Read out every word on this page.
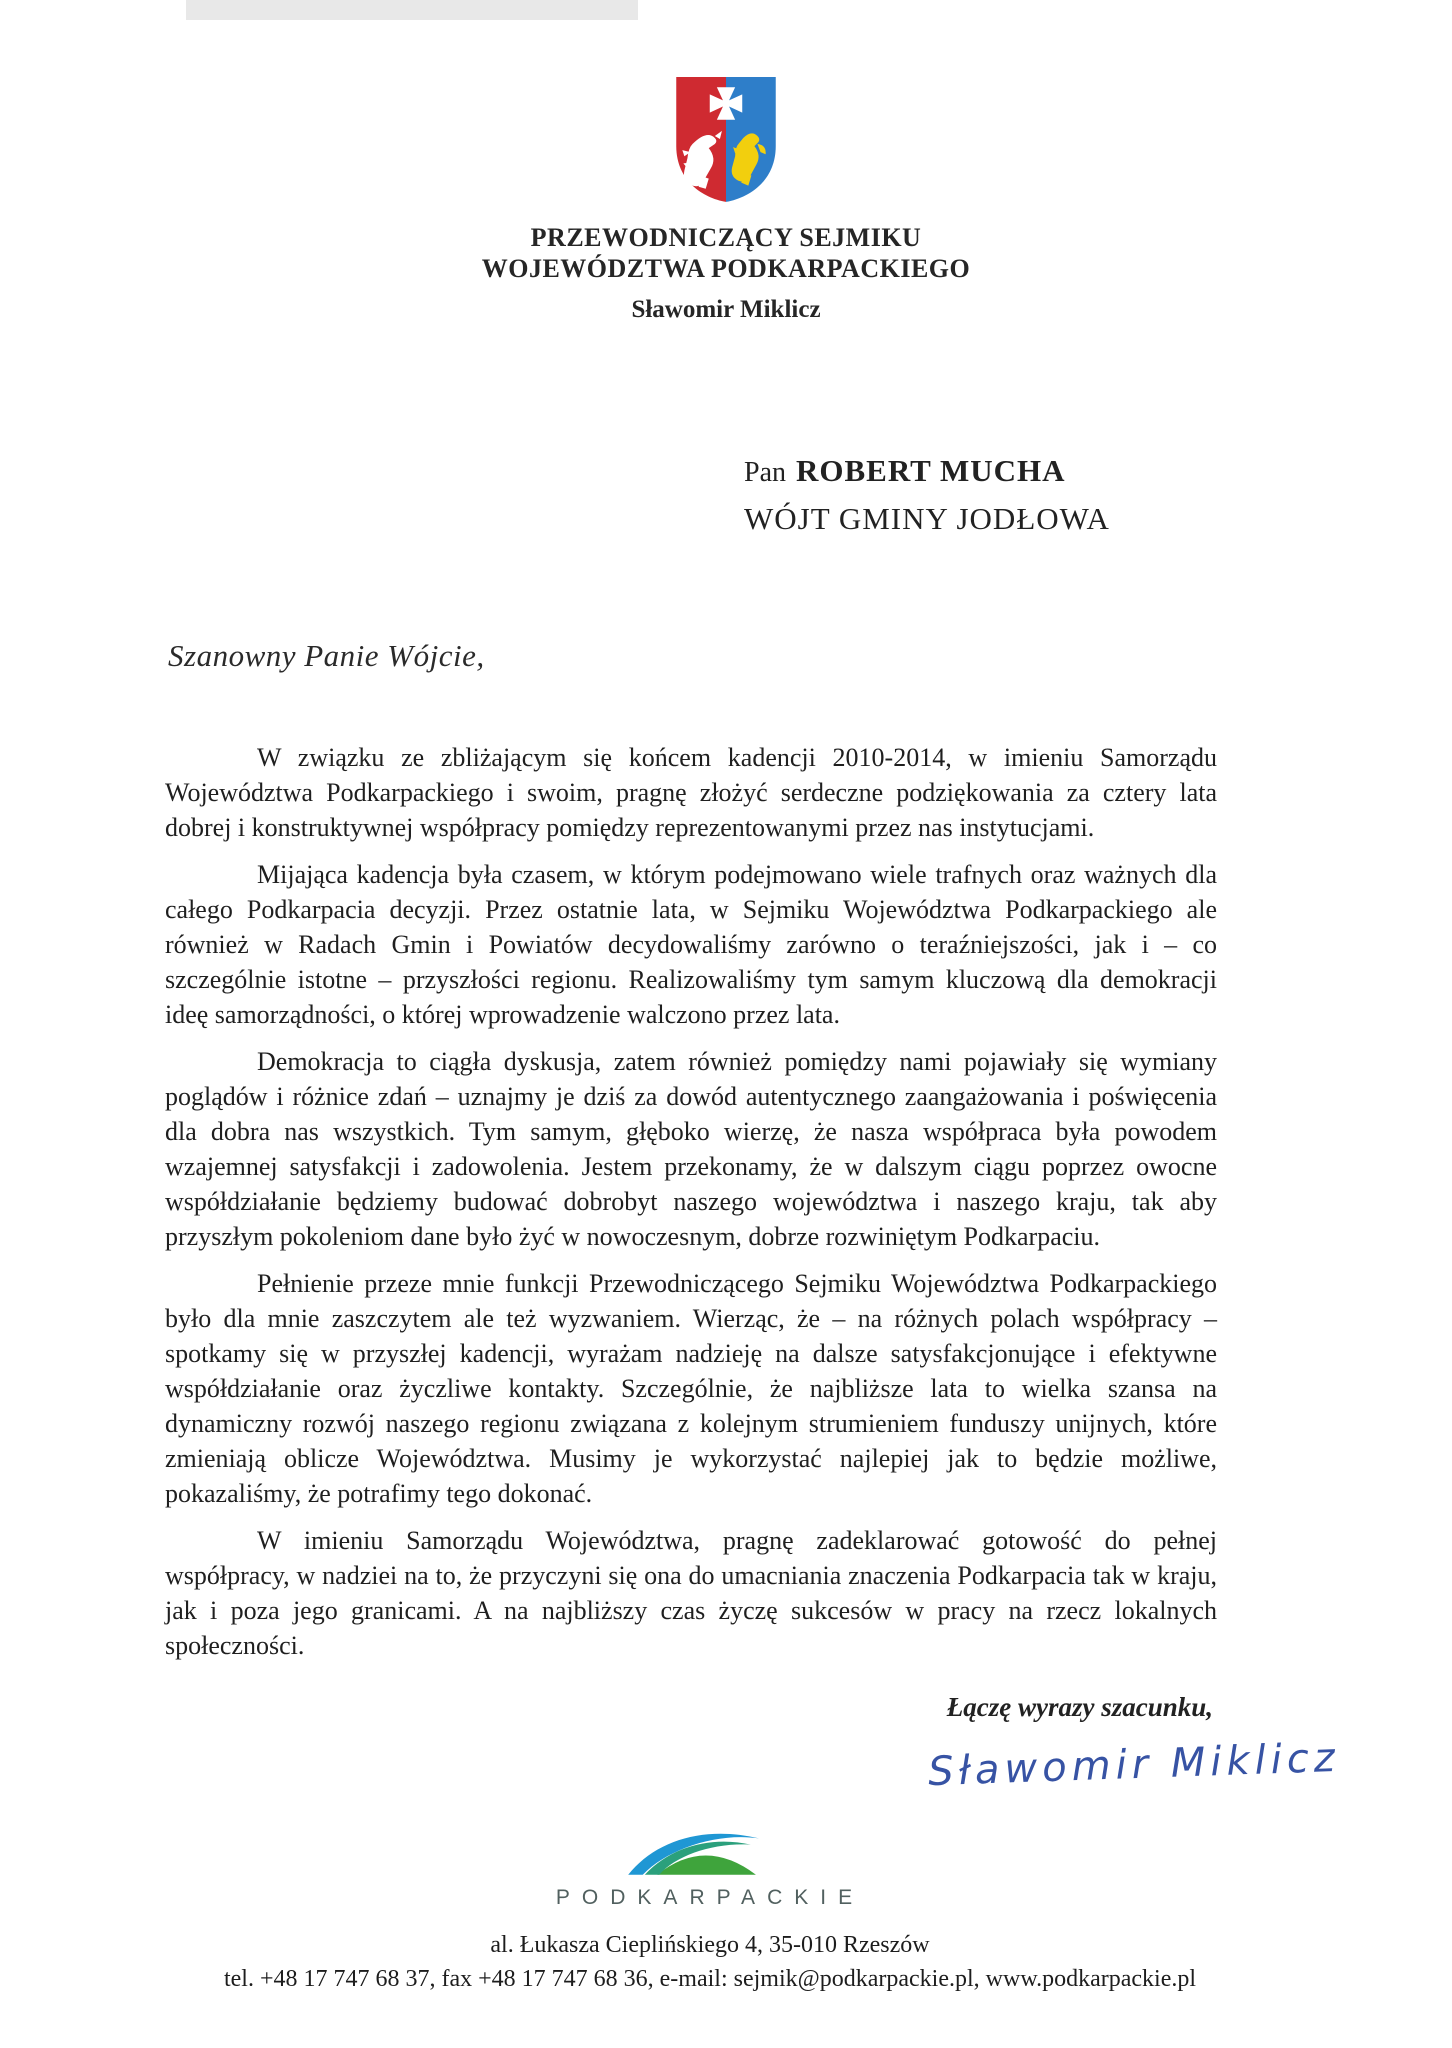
PRZEWODNICZĄCY SEJMIKU
WOJEWÓDZTWA PODKARPACKIEGO
Sławomir Miklicz
Pan ROBERT MUCHA
WÓJT GMINY JODŁOWA
Szanowny Panie Wójcie,

W związku ze zbliżającym się końcem kadencji 2010-2014, w imieniu Samorządu Województwa Podkarpackiego i swoim, pragnę złożyć serdeczne podziękowania za cztery lata dobrej i konstruktywnej współpracy pomiędzy reprezentowanymi przez nas instytucjami.

Mijająca kadencja była czasem, w którym podejmowano wiele trafnych oraz ważnych dla całego Podkarpacia decyzji. Przez ostatnie lata, w Sejmiku Województwa Podkarpackiego ale również w Radach Gmin i Powiatów decydowaliśmy zarówno o teraźniejszości, jak i – co szczególnie istotne – przyszłości regionu. Realizowaliśmy tym samym kluczową dla demokracji ideę samorządności, o której wprowadzenie walczono przez lata.

Demokracja to ciągła dyskusja, zatem również pomiędzy nami pojawiały się wymiany poglądów i różnice zdań – uznajmy je dziś za dowód autentycznego zaangażowania i poświęcenia dla dobra nas wszystkich. Tym samym, głęboko wierzę, że nasza współpraca była powodem wzajemnej satysfakcji i zadowolenia. Jestem przekonamy, że w dalszym ciągu poprzez owocne współdziałanie będziemy budować dobrobyt naszego województwa i naszego kraju, tak aby przyszłym pokoleniom dane było żyć w nowoczesnym, dobrze rozwiniętym Podkarpaciu.

Pełnienie przeze mnie funkcji Przewodniczącego Sejmiku Województwa Podkarpackiego było dla mnie zaszczytem ale też wyzwaniem. Wierząc, że – na różnych polach współpracy – spotkamy się w przyszłej kadencji, wyrażam nadzieję na dalsze satysfakcjonujące i efektywne współdziałanie oraz życzliwe kontakty. Szczególnie, że najbliższe lata to wielka szansa na dynamiczny rozwój naszego regionu związana z kolejnym strumieniem funduszy unijnych, które zmieniają oblicze Województwa. Musimy je wykorzystać najlepiej jak to będzie możliwe, pokazaliśmy, że potrafimy tego dokonać.

W imieniu Samorządu Województwa, pragnę zadeklarować gotowość do pełnej współpracy, w nadziei na to, że przyczyni się ona do umacniania znaczenia Podkarpacia tak w kraju, jak i poza jego granicami. A na najbliższy czas życzę sukcesów w pracy na rzecz lokalnych społeczności.

Łączę wyrazy szacunku,
Sławomir Miklicz
PODKARPACKIE
al. Łukasza Cieplińskiego 4, 35-010 Rzeszów
tel. +48 17 747 68 37, fax +48 17 747 68 36, e-mail: sejmik@podkarpackie.pl, www.podkarpackie.pl
